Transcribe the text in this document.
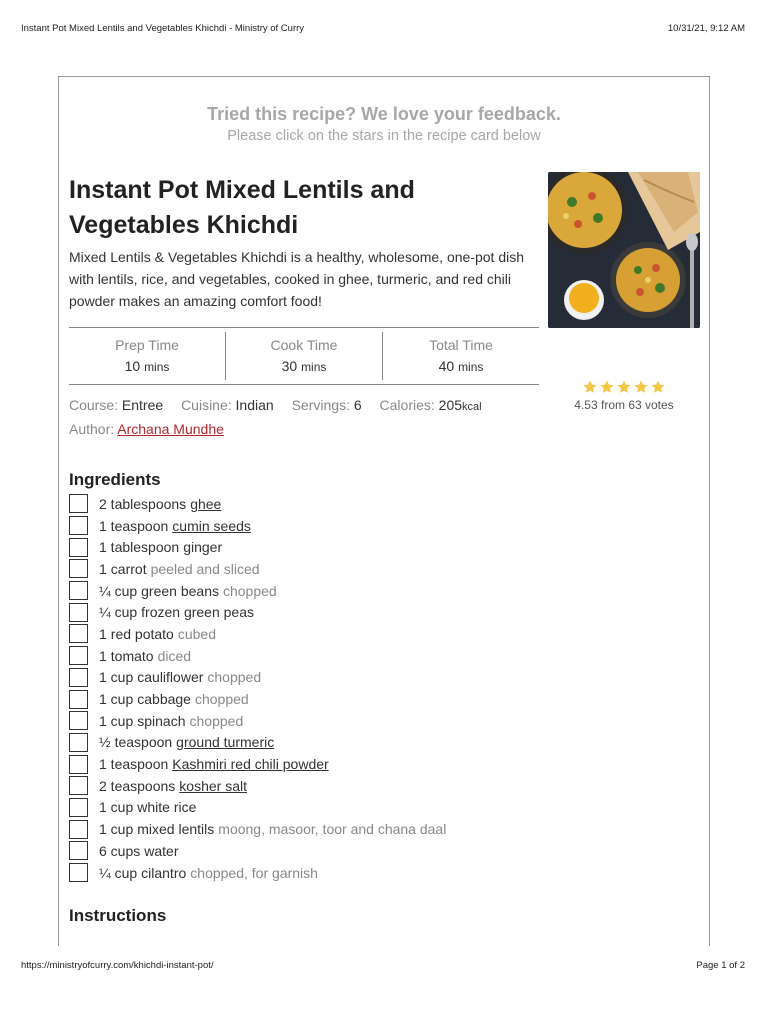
Instant Pot Mixed Lentils and Vegetables Khichdi - Ministry of Curry	10/31/21, 9:12 AM
Tried this recipe? We love your feedback.
Please click on the stars in the recipe card below
Instant Pot Mixed Lentils and Vegetables Khichdi
Mixed Lentils & Vegetables Khichdi is a healthy, wholesome, one-pot dish with lentils, rice, and vegetables, cooked in ghee, turmeric, and red chili powder makes an amazing comfort food!
Prep Time
10 mins
Cook Time
30 mins
Total Time
40 mins
4.53 from 63 votes
Course: Entree Cuisine: Indian Servings: 6 Calories: 205kcal
Author: Archana Mundhe
Ingredients
2 tablespoons ghee
1 teaspoon cumin seeds
1 tablespoon ginger
1 carrot peeled and sliced
¼ cup green beans chopped
¼ cup frozen green peas
1 red potato cubed
1 tomato diced
1 cup cauliflower chopped
1 cup cabbage chopped
1 cup spinach chopped
½ teaspoon ground turmeric
1 teaspoon Kashmiri red chili powder
2 teaspoons kosher salt
1 cup white rice
1 cup mixed lentils moong, masoor, toor and chana daal
6 cups water
¼ cup cilantro chopped, for garnish
Instructions
https://ministryofcurry.com/khichdi-instant-pot/	Page 1 of 2
